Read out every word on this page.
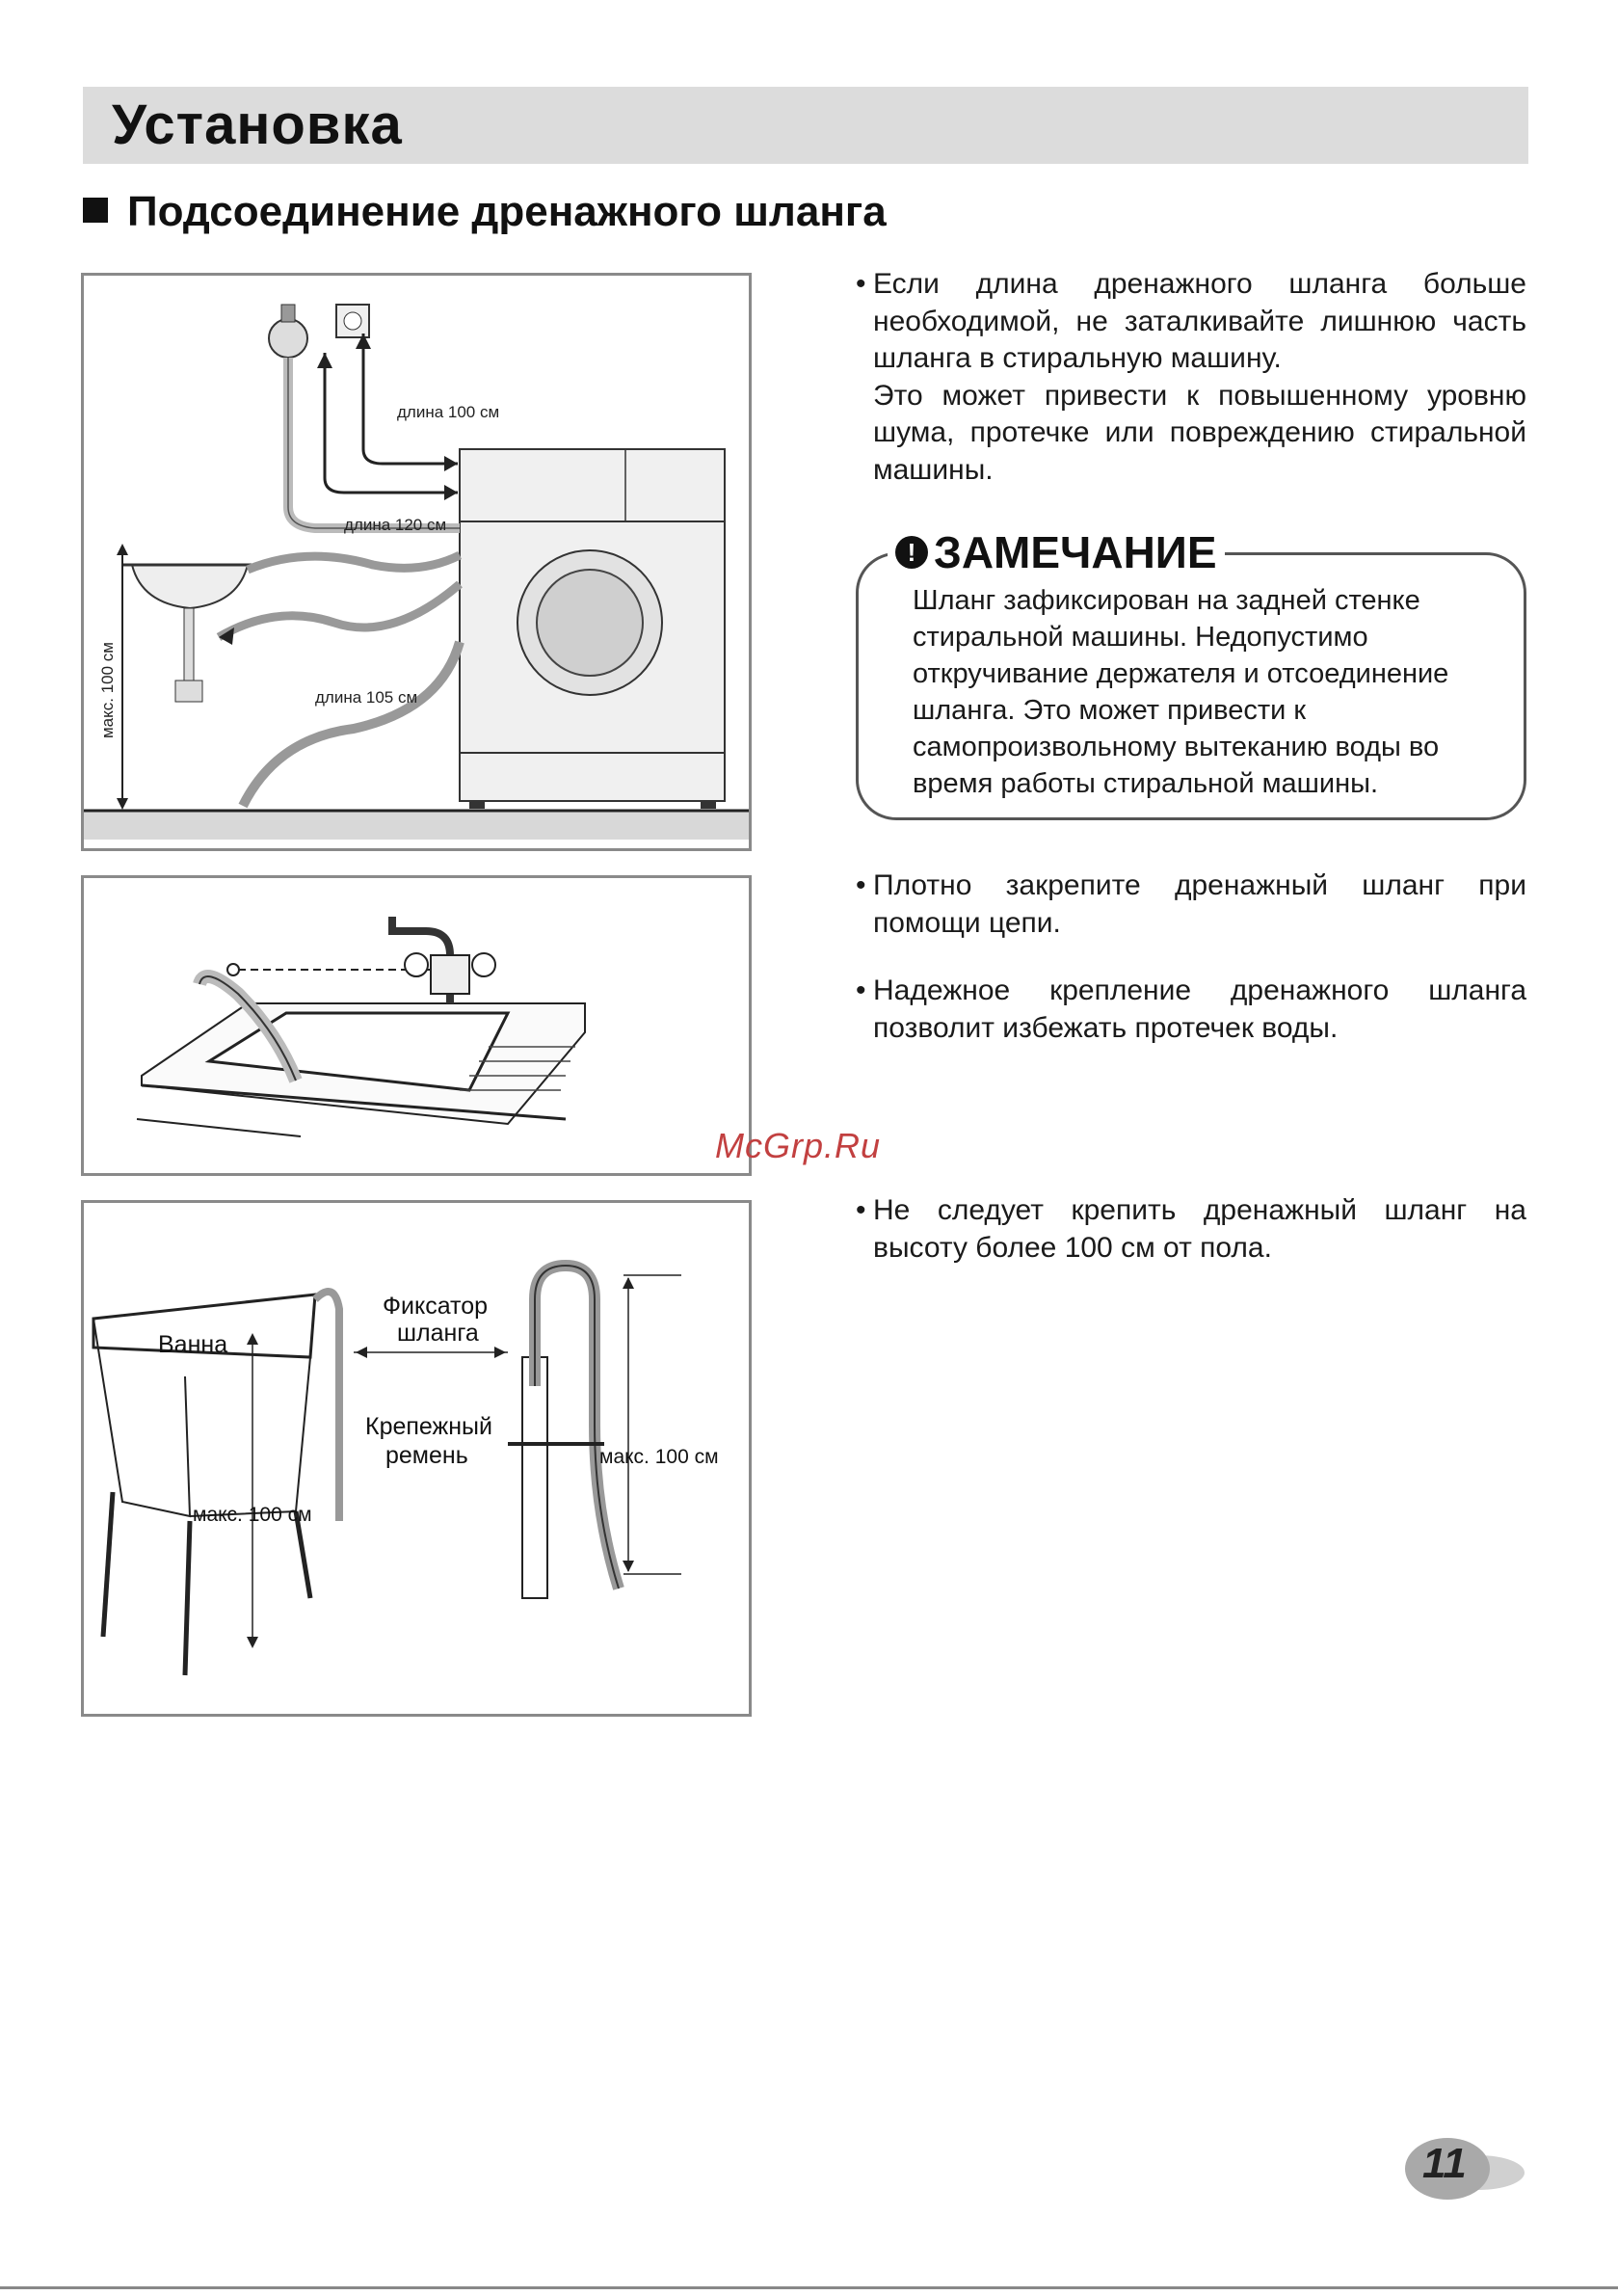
Установка
Подсоединение дренажного шланга
длина 100 см
длина 120 см
длина 105 см
макс. 100 см
Ванна
Фиксатор
шланга
Крепежный
ремень
макс. 100 см
макс. 100 см
• Если длина дренажного шланга больше необходимой, не заталкивайте лишнюю часть шланга в стиральную машину.
Это может привести к повышенному уровню шума, протечке или повреждению стиральной машины.
! ЗАМЕЧАНИЕ
Шланг зафиксирован на задней стенке стиральной машины. Недопустимо откручивание держателя и отсоединение шланга. Это может привести к самопроизвольному вытеканию воды во время работы стиральной машины.
• Плотно закрепите дренажный шланг при помощи цепи.
• Надежное крепление дренажного шланга позволит избежать протечек воды.
McGrp.Ru
• Не следует крепить дренажный шланг на высоту более 100 см от пола.
11
